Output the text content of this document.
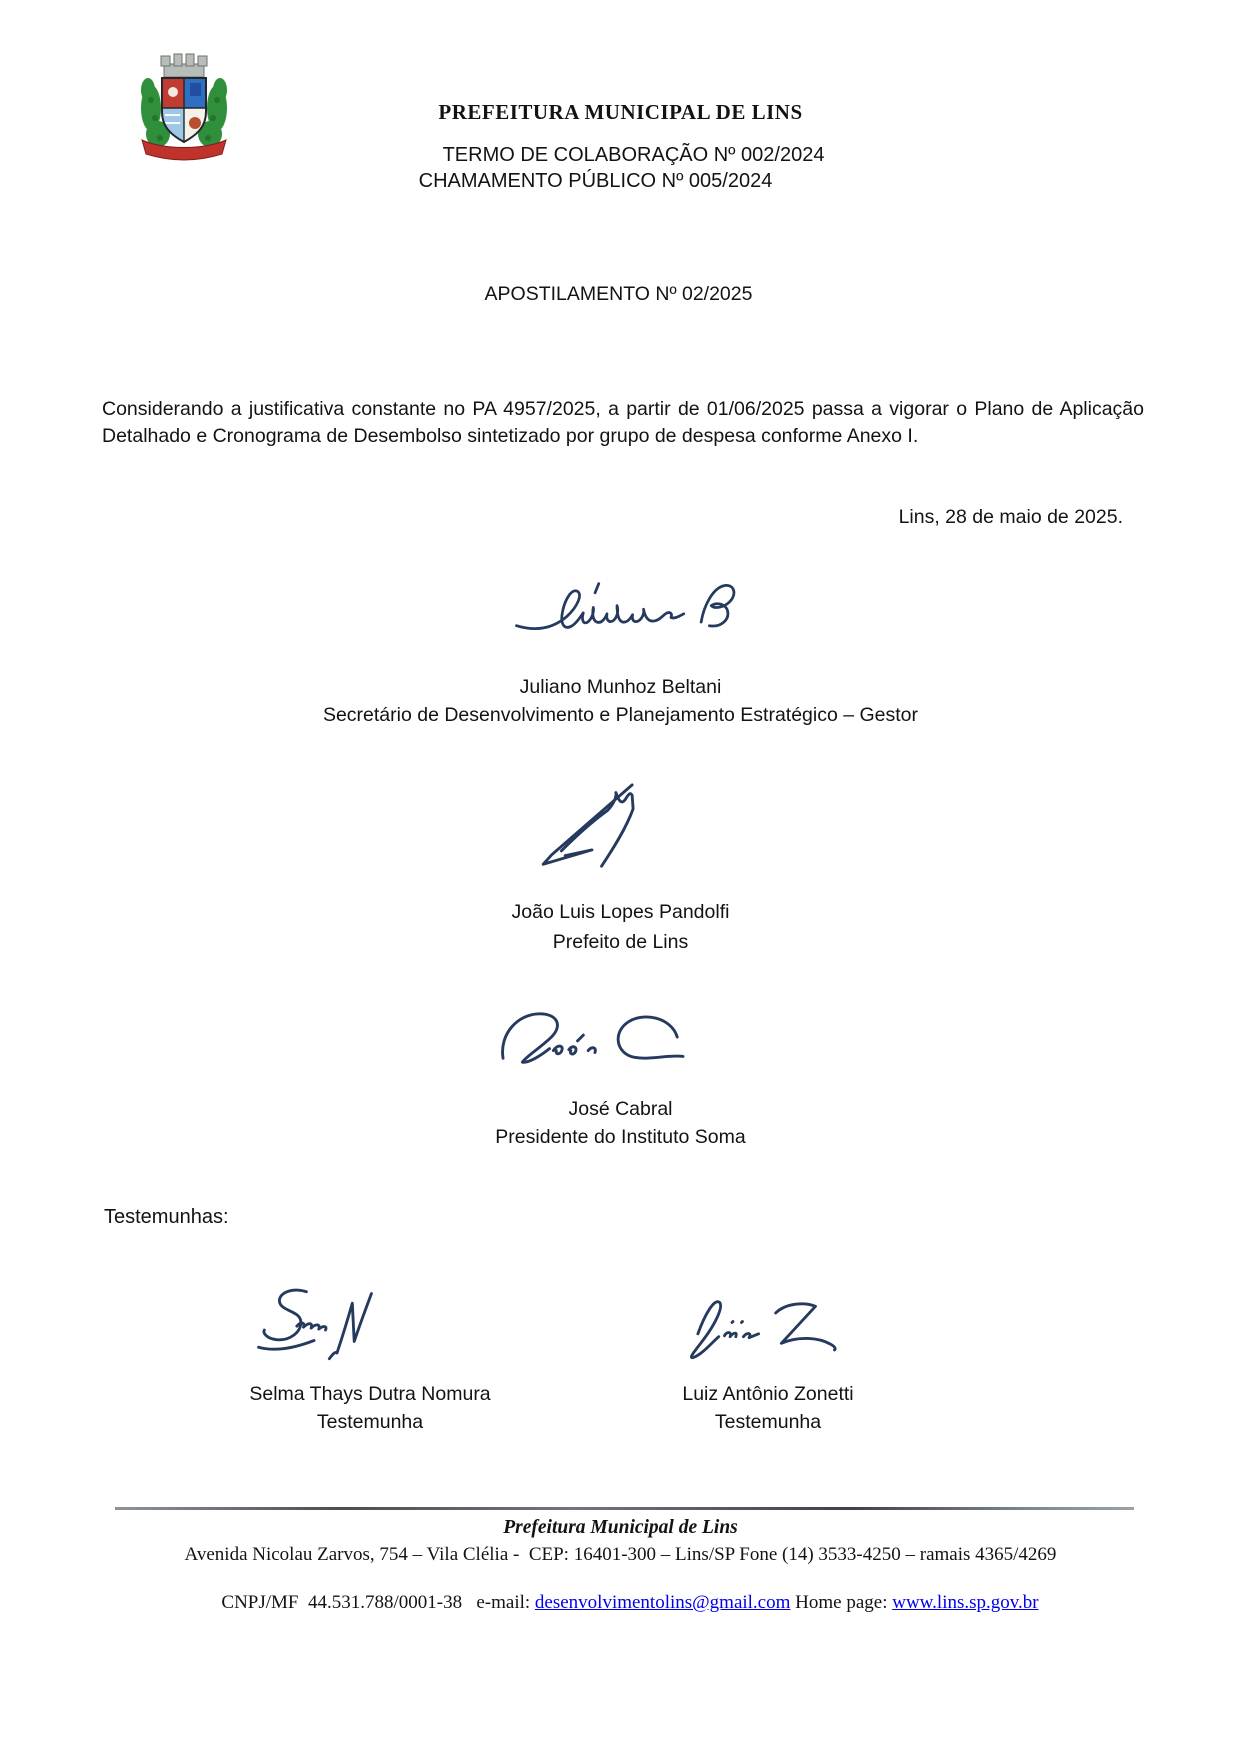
PREFEITURA MUNICIPAL DE LINS
TERMO DE COLABORAÇÃO Nº 002/2024
CHAMAMENTO PÚBLICO Nº 005/2024
APOSTILAMENTO Nº 02/2025
Considerando a justificativa constante no PA 4957/2025, a partir de 01/06/2025 passa a vigorar o Plano de Aplicação Detalhado e Cronograma de Desembolso sintetizado por grupo de despesa conforme Anexo I.
Lins, 28 de maio de 2025.
Juliano Munhoz Beltani
Secretário de Desenvolvimento e Planejamento Estratégico – Gestor
João Luis Lopes Pandolfi
Prefeito de Lins
José Cabral
Presidente do Instituto Soma
Testemunhas:
Selma Thays Dutra Nomura
Testemunha
Luiz Antônio Zonetti
Testemunha
Prefeitura Municipal de Lins
Avenida Nicolau Zarvos, 754 – Vila Clélia -  CEP: 16401-300 – Lins/SP Fone (14) 3533-4250 – ramais 4365/4269

CNPJ/MF  44.531.788/0001-38   e-mail: desenvolvimentolins@gmail.com Home page: www.lins.sp.gov.br
